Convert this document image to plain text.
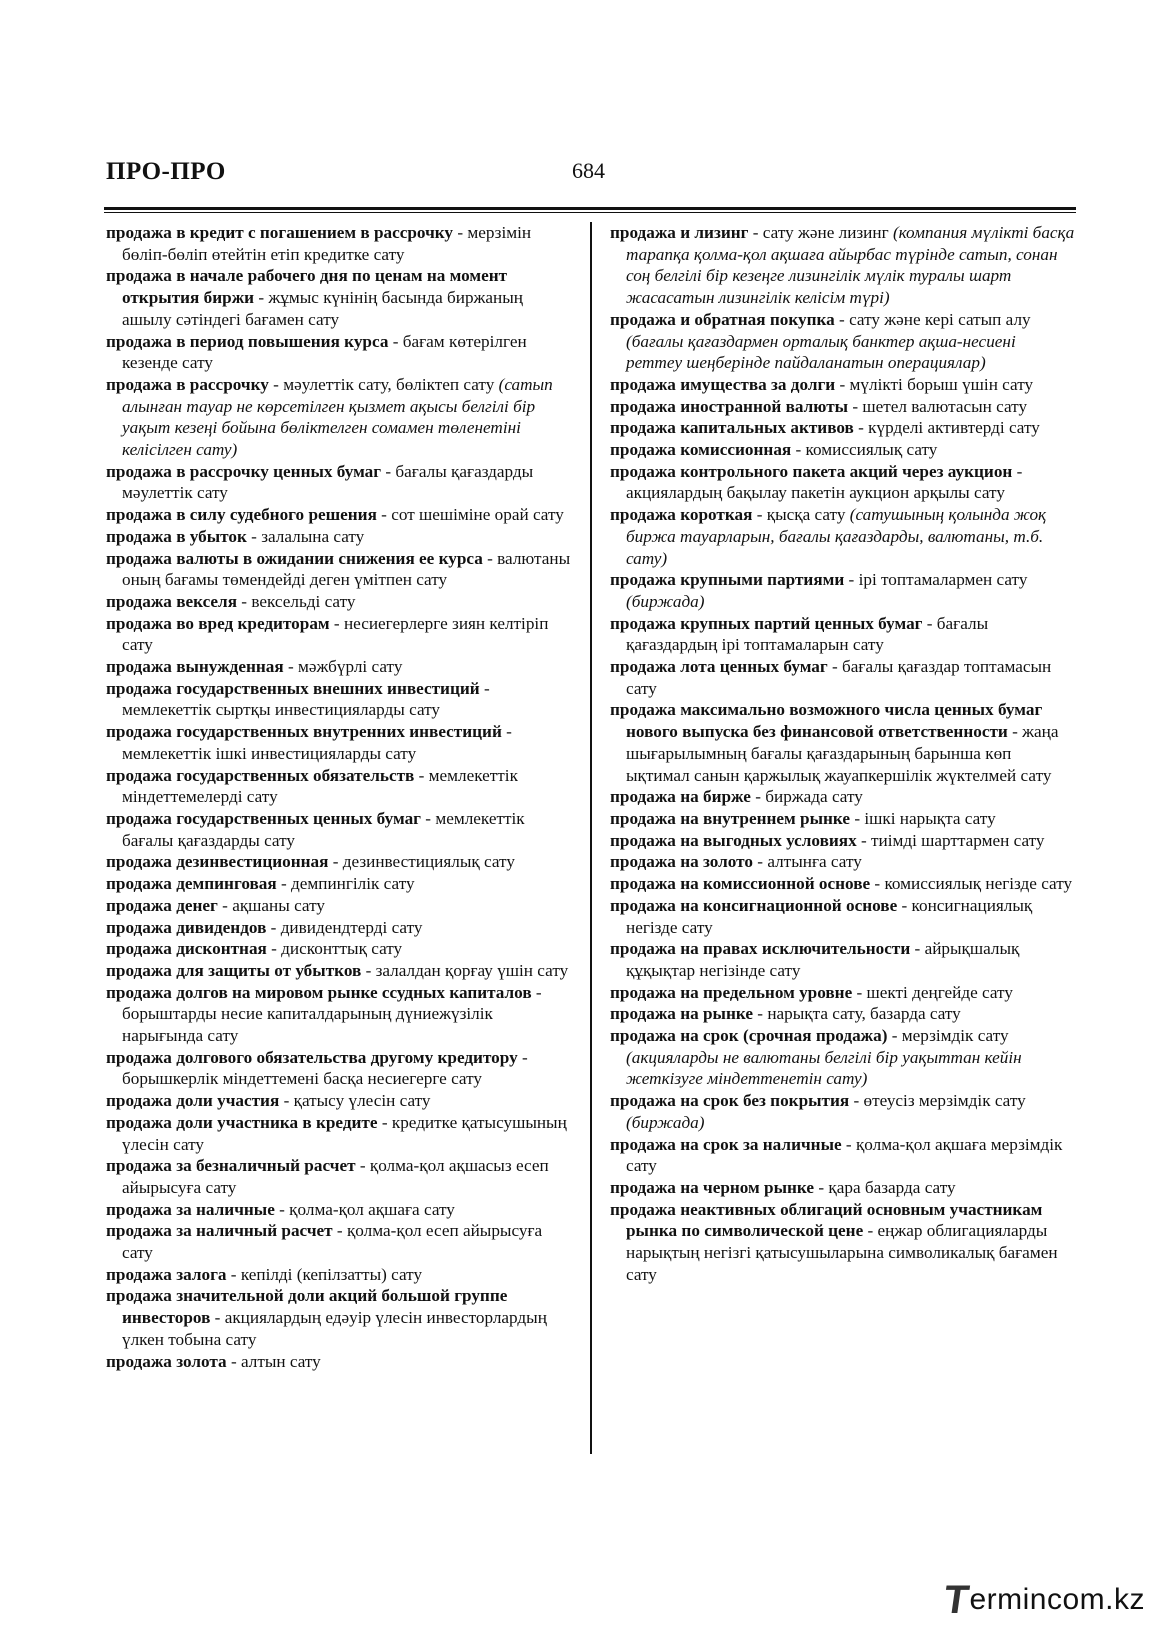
ПРО-ПРО	684
продажа в кредит с погашением в рассрочку - мерзімін бөліп-бөліп өтейтін етіп кредитке сату
продажа в начале рабочего дня по ценам на момент открытия биржи - жұмыс күнінің басында биржаның ашылу сәтіндегі бағамен сату
продажа в период повышения курса - бағам көтерілген кезенде сату
продажа в рассрочку - мәулеттік сату, бөліктеп сату (сатып алынған тауар не көрсетілген қызмет ақысы белгілі бір уақыт кезеңі бойына бөліктелген сомамен төленетіні келісілген сату)
продажа в рассрочку ценных бумаг - бағалы қағаздарды мәулеттік сату
продажа в силу судебного решения - сот шешіміне орай сату
продажа в убыток - залалына сату
продажа валюты в ожидании снижения ее курса - валютаны оның бағамы төмендейді деген үмітпен сату
продажа векселя - вексельді сату
продажа во вред кредиторам - несиегерлерге зиян келтіріп сату
продажа вынужденная - мәжбүрлі сату
продажа государственных внешних инвестиций - мемлекеттік сыртқы инвестицияларды сату
продажа государственных внутренних инвестиций - мемлекеттік ішкі инвестицияларды сату
продажа государственных обязательств - мемлекеттік міндеттемелерді сату
продажа государственных ценных бумаг - мемлекеттік бағалы қағаздарды сату
продажа дезинвестиционная - дезинвестициялық сату
продажа демпинговая - демпингілік сату
продажа денег - ақшаны сату
продажа дивидендов - дивидендтерді сату
продажа дисконтная - дисконттық сату
продажа для защиты от убытков - залалдан қорғау үшін сату
продажа долгов на мировом рынке ссудных капиталов - борыштарды несие капиталдарының дүниежүзілік нарығында сату
продажа долгового обязательства другому кредитору - борышкерлік міндеттемені басқа несиегерге сату
продажа доли участия - қатысу үлесін сату
продажа доли участника в кредите - кредитке қатысушының үлесін сату
продажа за безналичный расчет - қолма-қол ақшасыз есеп айырысуға сату
продажа за наличные - қолма-қол ақшаға сату
продажа за наличный расчет - қолма-қол есеп айырысуға сату
продажа залога - кепілді (кепілзатты) сату
продажа значительной доли акций большой группе инвесторов - акциялардың едәуір үлесін инвесторлардың үлкен тобына сату
продажа золота - алтын сату
продажа и лизинг - сату және лизинг (компания мүлікті басқа тарапқа қолма-қол ақшаға айырбас түрінде сатып, сонан соң белгілі бір кезеңге лизингілік мүлік туралы шарт жасасатын лизингілік келісім түрі)
продажа и обратная покупка - сату және кері сатып алу (бағалы қағаздармен орталық банктер ақша-несиені реттеу шеңберінде пайдаланатын операциялар)
продажа имущества за долги - мүлікті борыш үшін сату
продажа иностранной валюты - шетел валютасын сату
продажа капитальных активов - күрделі активтерді сату
продажа комиссионная - комиссиялық сату
продажа контрольного пакета акций через аукцион - акциялардың бақылау пакетін аукцион арқылы сату
продажа короткая - қысқа сату (сатушының қолында жоқ биржа тауарларын, бағалы қағаздарды, валютаны, т.б. сату)
продажа крупными партиями - ірі топтамалармен сату (биржада)
продажа крупных партий ценных бумаг - бағалы қағаздардың ірі топтамаларын сату
продажа лота ценных бумаг - бағалы қағаздар топтамасын сату
продажа максимально возможного числа ценных бумаг нового выпуска без финансовой ответственности - жаңа шығарылымның бағалы қағаздарының барынша көп ықтимал санын қаржылық жауапкершілік жүктелмей сату
продажа на бирже - биржада сату
продажа на внутреннем рынке - ішкі нарықта сату
продажа на выгодных условиях - тиімді шарттармен сату
продажа на золото - алтынға сату
продажа на комиссионной основе - комиссиялық негізде сату
продажа на консигнационной основе - консигнациялық негізде сату
продажа на правах исключительности - айрықшалық құқықтар негізінде сату
продажа на предельном уровне - шекті деңгейде сату
продажа на рынке - нарықта сату, базарда сату
продажа на срок (срочная продажа) - мерзімдік сату (акцияларды не валютаны белгілі бір уақыттан кейін жеткізуге міндеттенетін сату)
продажа на срок без покрытия - өтеусіз мерзімдік сату (биржада)
продажа на срок за наличные - қолма-қол ақшаға мерзімдік сату
продажа на черном рынке - қара базарда сату
продажа неактивных облигаций основным участникам рынка по символической цене - еңжар облигацияларды нарықтың негізгі қатысушыларына символикалық бағамен сату
T
ermincom.kz
